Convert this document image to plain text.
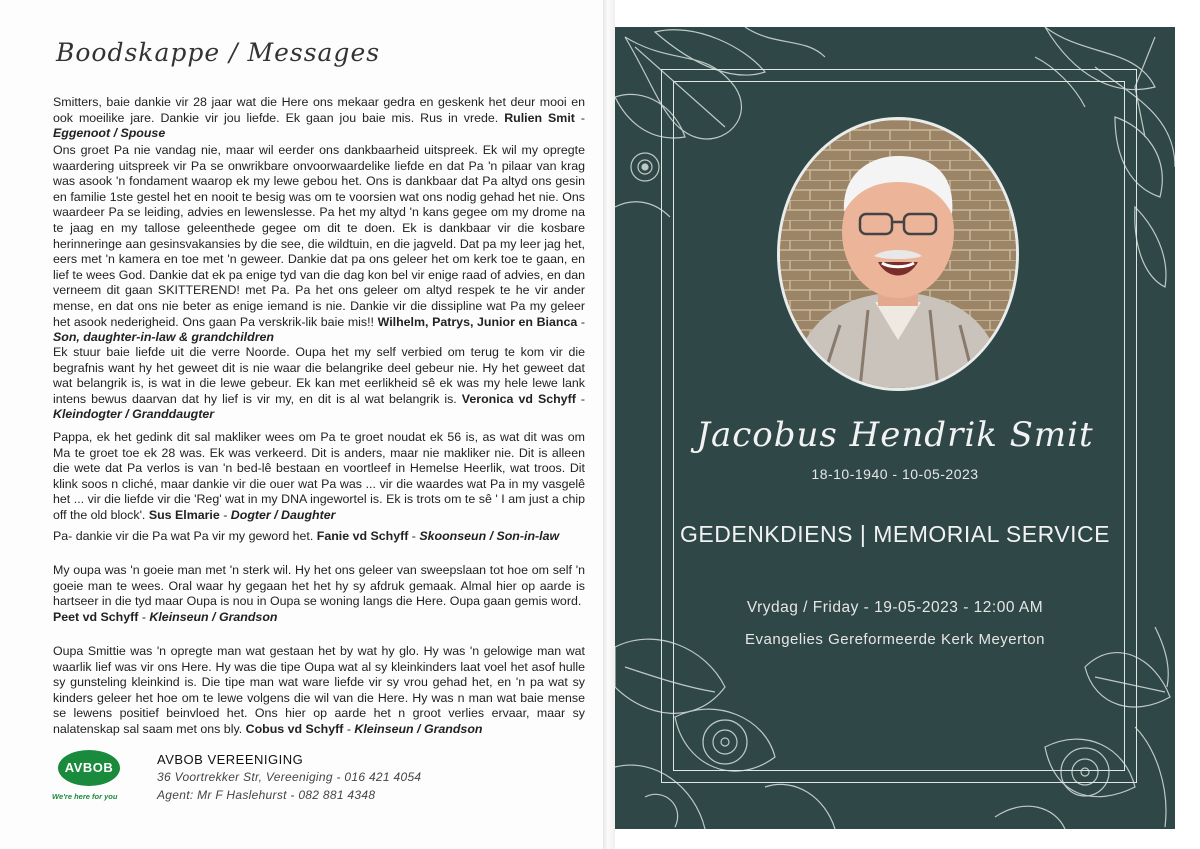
Boodskappe / Messages
Smitters, baie dankie vir 28 jaar wat die Here ons mekaar gedra en geskenk het deur mooi en ook moeilike jare. Dankie vir jou liefde. Ek gaan jou baie mis. Rus in vrede. Rulien Smit - Eggenoot / Spouse
Ons groet Pa nie vandag nie, maar wil eerder ons dankbaarheid uitspreek. Ek wil my opregte waardering uitspreek vir Pa se onwrikbare onvoorwaardelike liefde en dat Pa 'n pilaar van krag was asook 'n fondament waarop ek my lewe gebou het. Ons is dankbaar dat Pa altyd ons gesin en familie 1ste gestel het en nooit te besig was om te voorsien wat ons nodig gehad het nie. Ons waardeer Pa se leiding, advies en lewenslesse. Pa het my altyd 'n kans gegee om my drome na te jaag en my tallose geleenthede gegee om dit te doen. Ek is dankbaar vir die kosbare herinneringe aan gesinsvakansies by die see, die wildtuin, en die jagveld. Dat pa my leer jag het, eers met 'n kamera en toe met 'n geweer. Dankie dat pa ons geleer het om kerk toe te gaan, en lief te wees God. Dankie dat ek pa enige tyd van die dag kon bel vir enige raad of advies, en dan verneem dit gaan SKITTEREND! met Pa. Pa het ons geleer om altyd respek te he vir ander mense, en dat ons nie beter as enige iemand is nie. Dankie vir die dissipline wat Pa my geleer het asook nederigheid. Ons gaan Pa verskrik-lik baie mis!! Wilhelm, Patrys, Junior en Bianca - Son, daughter-in-law & grandchildren
Ek stuur baie liefde uit die verre Noorde. Oupa het my self verbied om terug te kom vir die begrafnis want hy het geweet dit is nie waar die belangrike deel gebeur nie. Hy het geweet dat wat belangrik is, is wat in die lewe gebeur. Ek kan met eerlikheid sê ek was my hele lewe lank intens bewus daarvan dat hy lief is vir my, en dit is al wat belangrik is. Veronica vd Schyff - Kleindogter / Granddaugter
Pappa, ek het gedink dit sal makliker wees om Pa te groet noudat ek 56 is, as wat dit was om Ma te groet toe ek 28 was. Ek was verkeerd. Dit is anders, maar nie makliker nie. Dit is alleen die wete dat Pa verlos is van 'n bed-lê bestaan en voortleef in Hemelse Heerlik, wat troos. Dit klink soos n cliché, maar dankie vir die ouer wat Pa was ... vir die waardes wat Pa in my vasgelê het ... vir die liefde vir die 'Reg' wat in my DNA ingewortel is. Ek is trots om te sê ' I am just a chip off the old block'. Sus Elmarie - Dogter / Daughter
Pa- dankie vir die Pa wat Pa vir my geword het. Fanie vd Schyff - Skoonseun / Son-in-law
My oupa was 'n goeie man met 'n sterk wil. Hy het ons geleer van sweepslaan tot hoe om self 'n goeie man te wees. Oral waar hy gegaan het het hy sy afdruk gemaak. Almal hier op aarde is hartseer in die tyd maar Oupa is nou in Oupa se woning langs die Here. Oupa gaan gemis word.
Peet vd Schyff - Kleinseun / Grandson
Oupa Smittie was 'n opregte man wat gestaan het by wat hy glo. Hy was 'n gelowige man wat waarlik lief was vir ons Here. Hy was die tipe Oupa wat al sy kleinkinders laat voel het asof hulle sy gunsteling kleinkind is. Die tipe man wat ware liefde vir sy vrou gehad het, en 'n pa wat sy kinders geleer het hoe om te lewe volgens die wil van die Here. Hy was n man wat baie mense se lewens positief beinvloed het. Ons hier op aarde het n groot verlies ervaar, maar sy nalatenskap sal saam met ons bly. Cobus vd Schyff - Kleinseun / Grandson
AVBOB
We're here for you
AVBOB VEREENIGING
36 Voortrekker Str, Vereeniging - 016 421 4054
Agent: Mr F Haslehurst - 082 881 4348
Jacobus Hendrik Smit
18-10-1940 - 10-05-2023
GEDENKDIENS | MEMORIAL SERVICE
Vrydag / Friday - 19-05-2023 - 12:00 AM
Evangelies Gereformeerde Kerk Meyerton
